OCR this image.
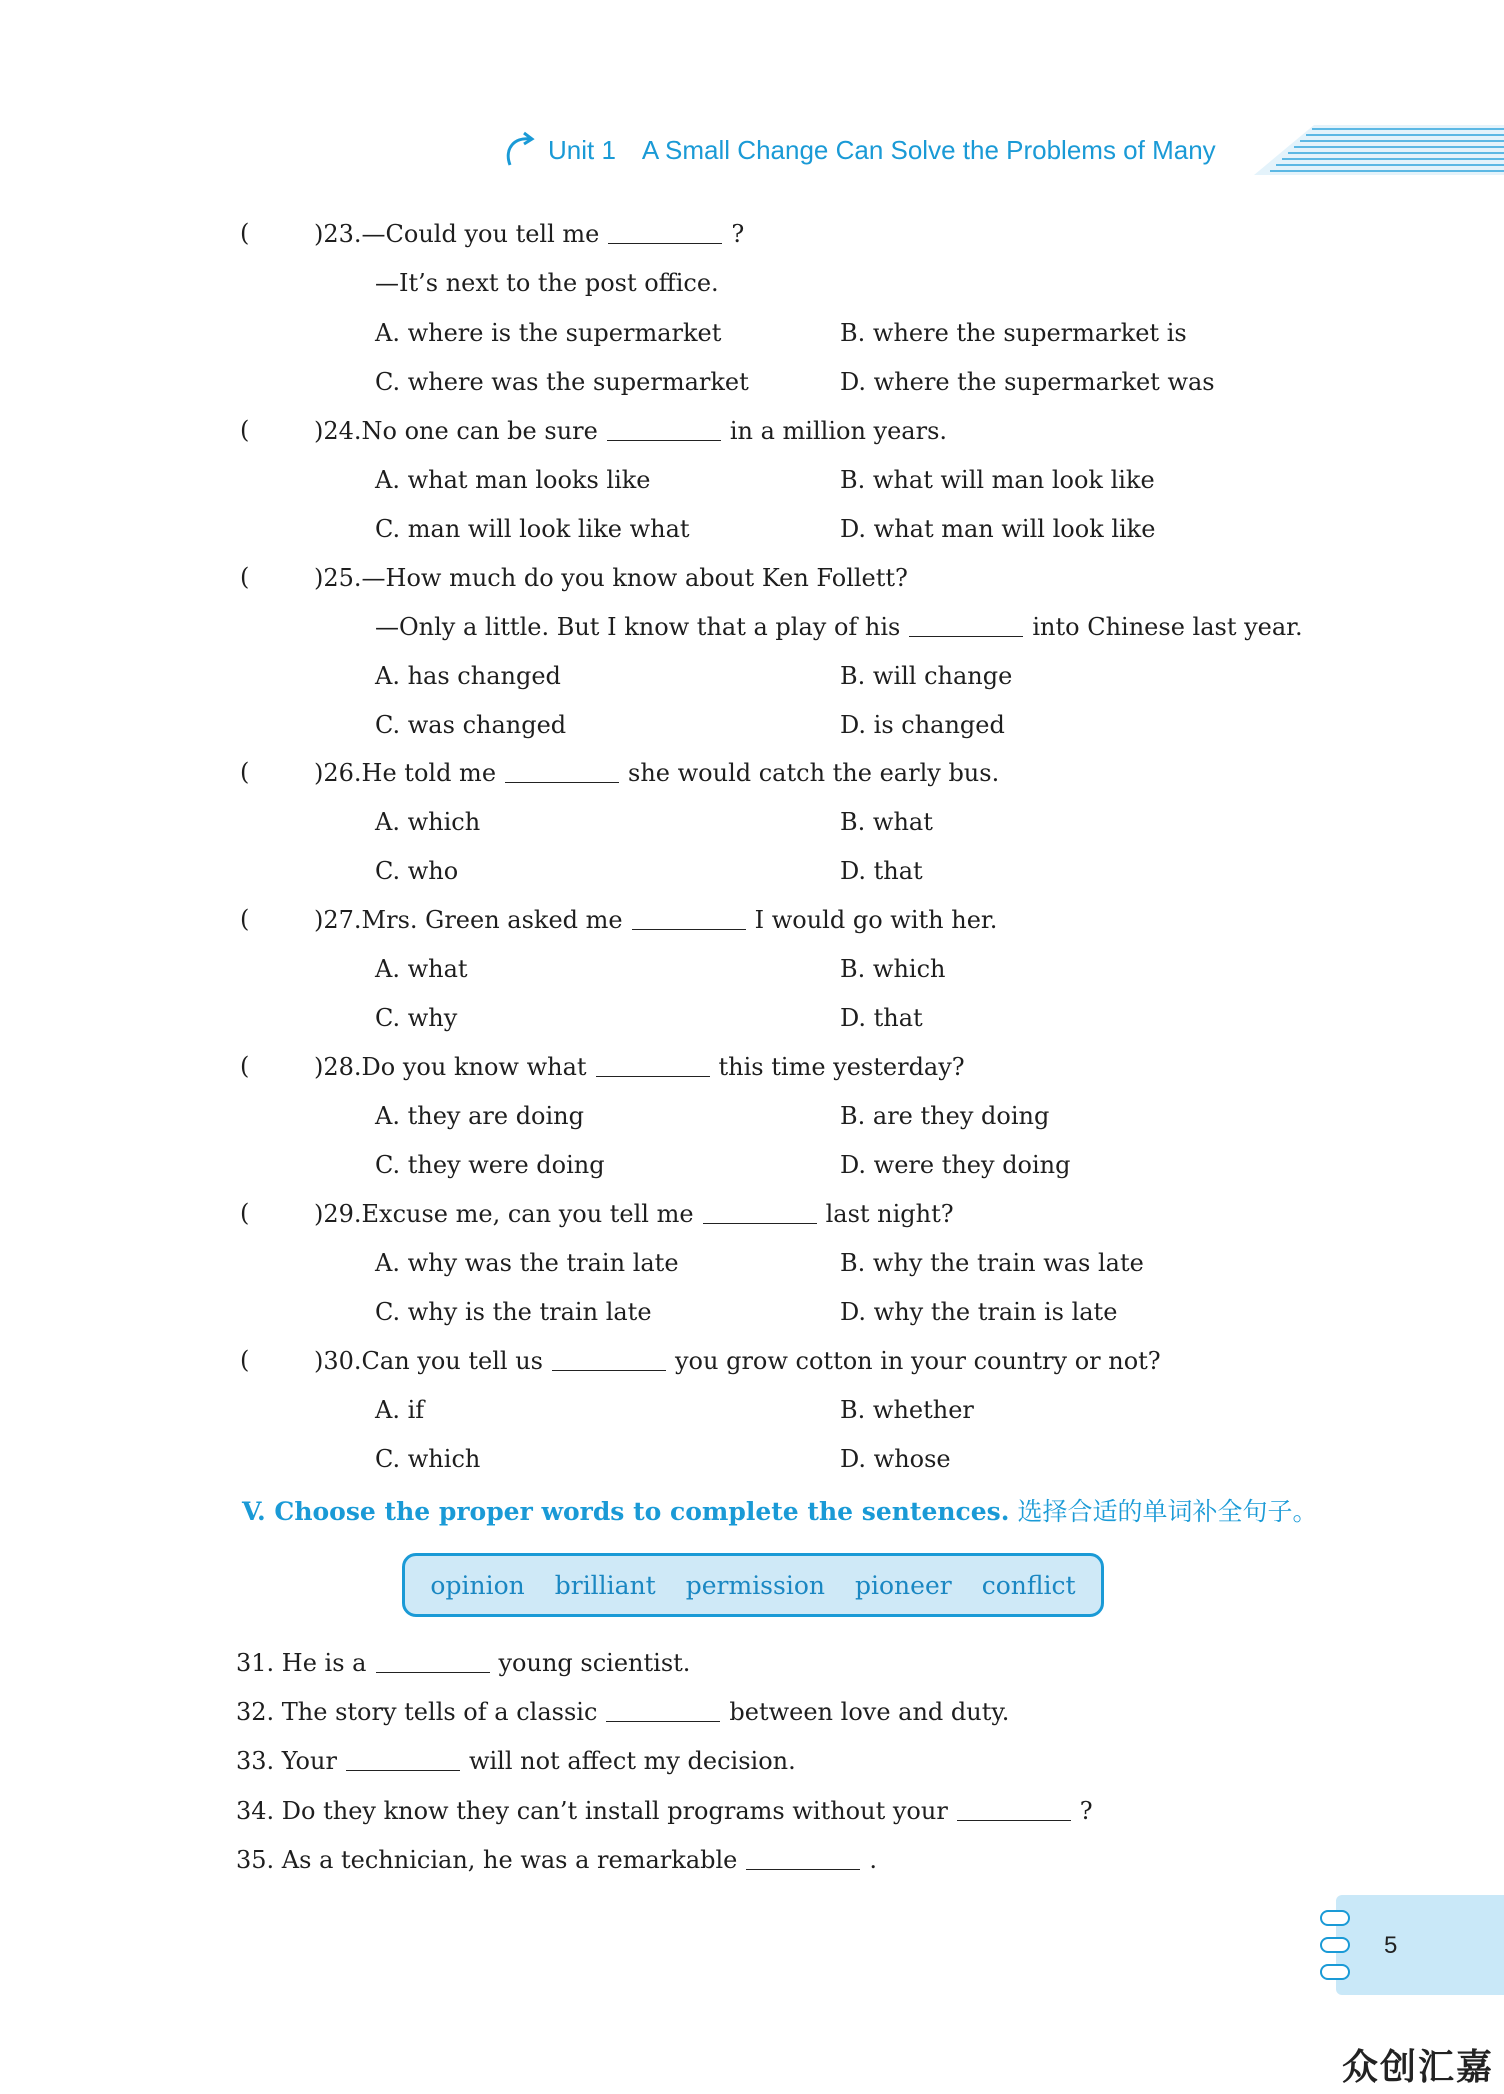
Unit 1 A Small Change Can Solve the Problems of Many
(	)23.—Could you tell me	?
—It’s next to the post office.
A. where is the supermarket	B. where the supermarket is
C. where was the supermarket	D. where the supermarket was
(	)24.No one can be sure	in a million years.
A. what man looks like	B. what will man look like
C. man will look like what	D. what man will look like
(	)25.—How much do you know about Ken Follett?
—Only a little. But I know that a play of his	into Chinese last year.
A. has changed	B. will change
C. was changed	D. is changed
(	)26.He told me	she would catch the early bus.
A. which	B. what
C. who	D. that
(	)27.Mrs. Green asked me	I would go with her.
A. what	B. which
C. why	D. that
(	)28.Do you know what	this time yesterday?
A. they are doing	B. are they doing
C. they were doing	D. were they doing
(	)29.Excuse me, can you tell me	last night?
A. why was the train late	B. why the train was late
C. why is the train late	D. why the train is late
(	)30.Can you tell us	you grow cotton in your country or not?
A. if	B. whether
C. which	D. whose
V. Choose the proper words to complete the sentences. 选择合适的单词补全句子。
opinion brilliant permission pioneer conflict
31. He is a	young scientist.
32. The story tells of a classic	between love and duty.
33. Your	will not affect my decision.
34. Do they know they can’t install programs without your	?
35. As a technician, he was a remarkable	.
5
众创汇嘉
